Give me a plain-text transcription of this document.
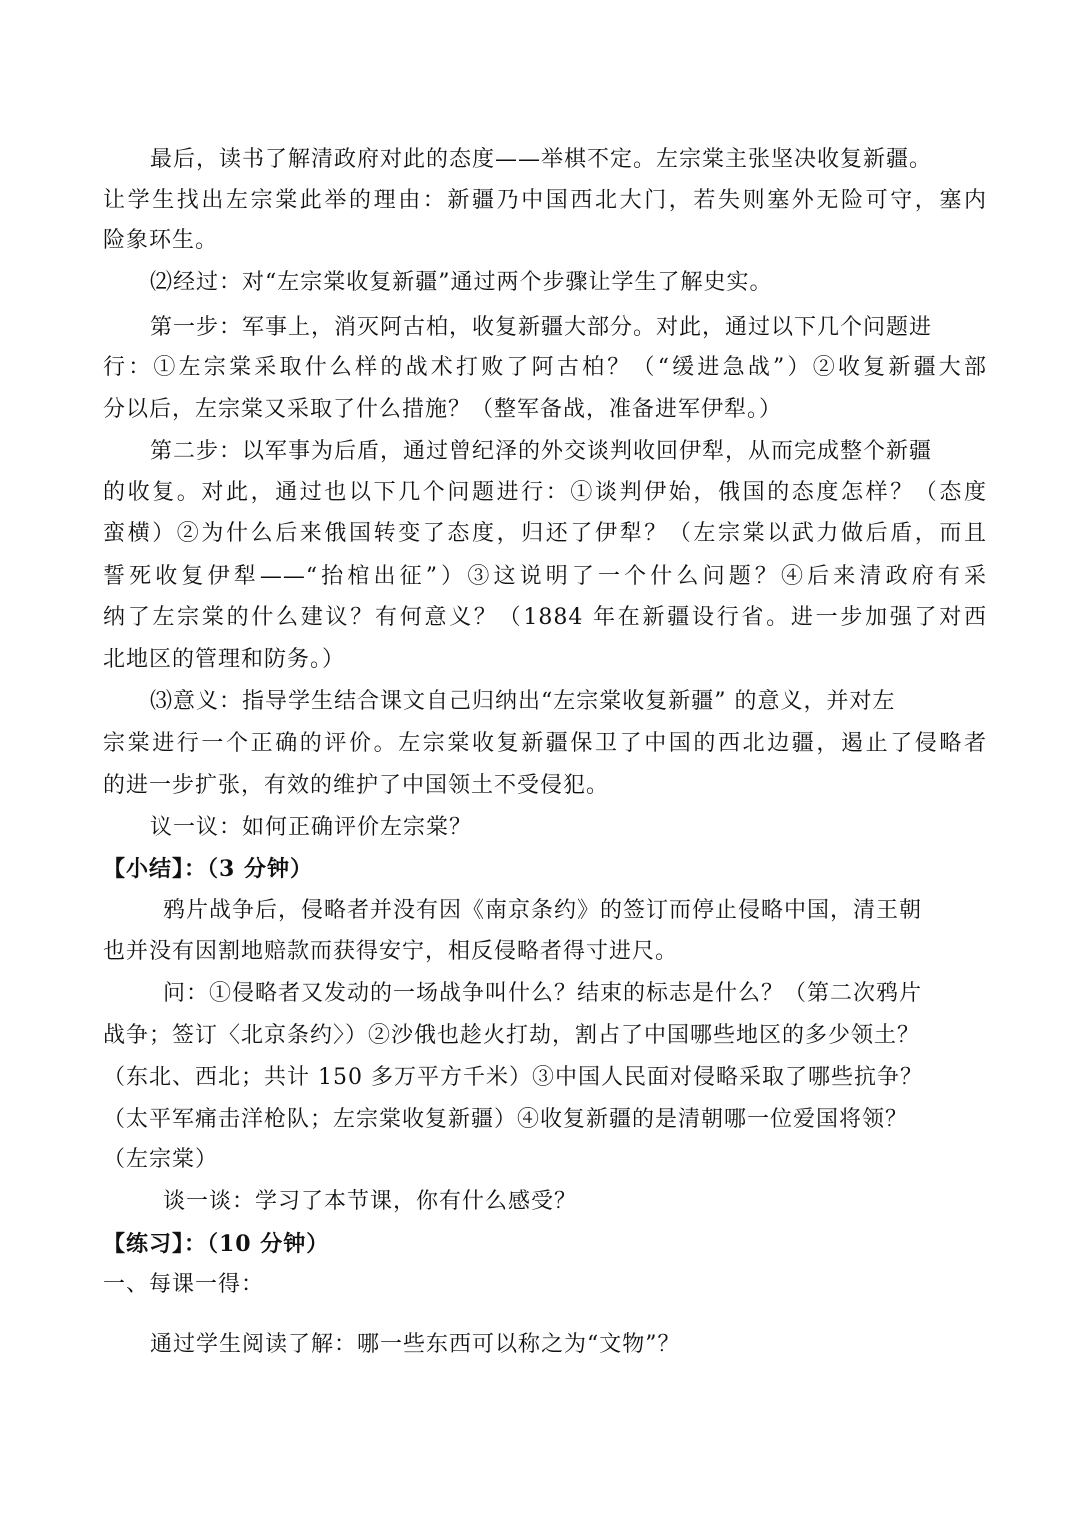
最后，读书了解清政府对此的态度——举棋不定。左宗棠主张坚决收复新疆。
让学生找出左宗棠此举的理由：新疆乃中国西北大门，若失则塞外无险可守，塞内
险象环生。
⑵经过：对“左宗棠收复新疆”通过两个步骤让学生了解史实。
第一步：军事上，消灭阿古柏，收复新疆大部分。对此，通过以下几个问题进
行：①左宗棠采取什么样的战术打败了阿古柏？（“缓进急战”）②收复新疆大部
分以后，左宗棠又采取了什么措施？（整军备战，准备进军伊犁。）
第二步：以军事为后盾，通过曾纪泽的外交谈判收回伊犁，从而完成整个新疆
的收复。对此，通过也以下几个问题进行：①谈判伊始，俄国的态度怎样？（态度
蛮横）②为什么后来俄国转变了态度，归还了伊犁？（左宗棠以武力做后盾，而且
誓死收复伊犁——“抬棺出征”）③这说明了一个什么问题？④后来清政府有采
纳了左宗棠的什么建议？有何意义？（1884 年在新疆设行省。进一步加强了对西
北地区的管理和防务。）
⑶意义：指导学生结合课文自己归纳出“左宗棠收复新疆” 的意义，并对左
宗棠进行一个正确的评价。左宗棠收复新疆保卫了中国的西北边疆，遏止了侵略者
的进一步扩张，有效的维护了中国领土不受侵犯。
议一议：如何正确评价左宗棠？
【小结】：（3 分钟）
鸦片战争后，侵略者并没有因《南京条约》的签订而停止侵略中国，清王朝
也并没有因割地赔款而获得安宁，相反侵略者得寸进尺。
问：①侵略者又发动的一场战争叫什么？结束的标志是什么？（第二次鸦片
战争；签订〈北京条约〉）②沙俄也趁火打劫，割占了中国哪些地区的多少领土？
（东北、西北；共计 150 多万平方千米）③中国人民面对侵略采取了哪些抗争？
（太平军痛击洋枪队；左宗棠收复新疆）④收复新疆的是清朝哪一位爱国将领？
（左宗棠）
谈一谈：学习了本节课，你有什么感受？
【练习】：（10 分钟）
一、每课一得：
通过学生阅读了解：哪一些东西可以称之为“文物”？
